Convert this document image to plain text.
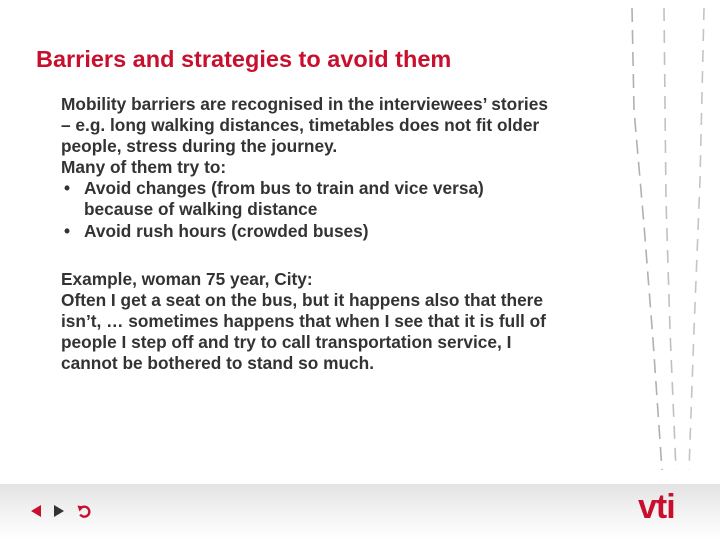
Barriers and strategies to avoid them

Mobility barriers are recognised in the interviewees’ stories – e.g. long walking distances, timetables does not fit older people, stress during the journey.

Many of them try to:

• Avoid changes (from bus to train and vice versa) because of walking distance

• Avoid rush hours (crowded buses)

Example, woman 75 year, City:

Often I get a seat on the bus, but it happens also that there isn’t, … sometimes happens that when I see that it is full of people I step off and try to call transportation service, I cannot be bothered to stand so much.

vti
